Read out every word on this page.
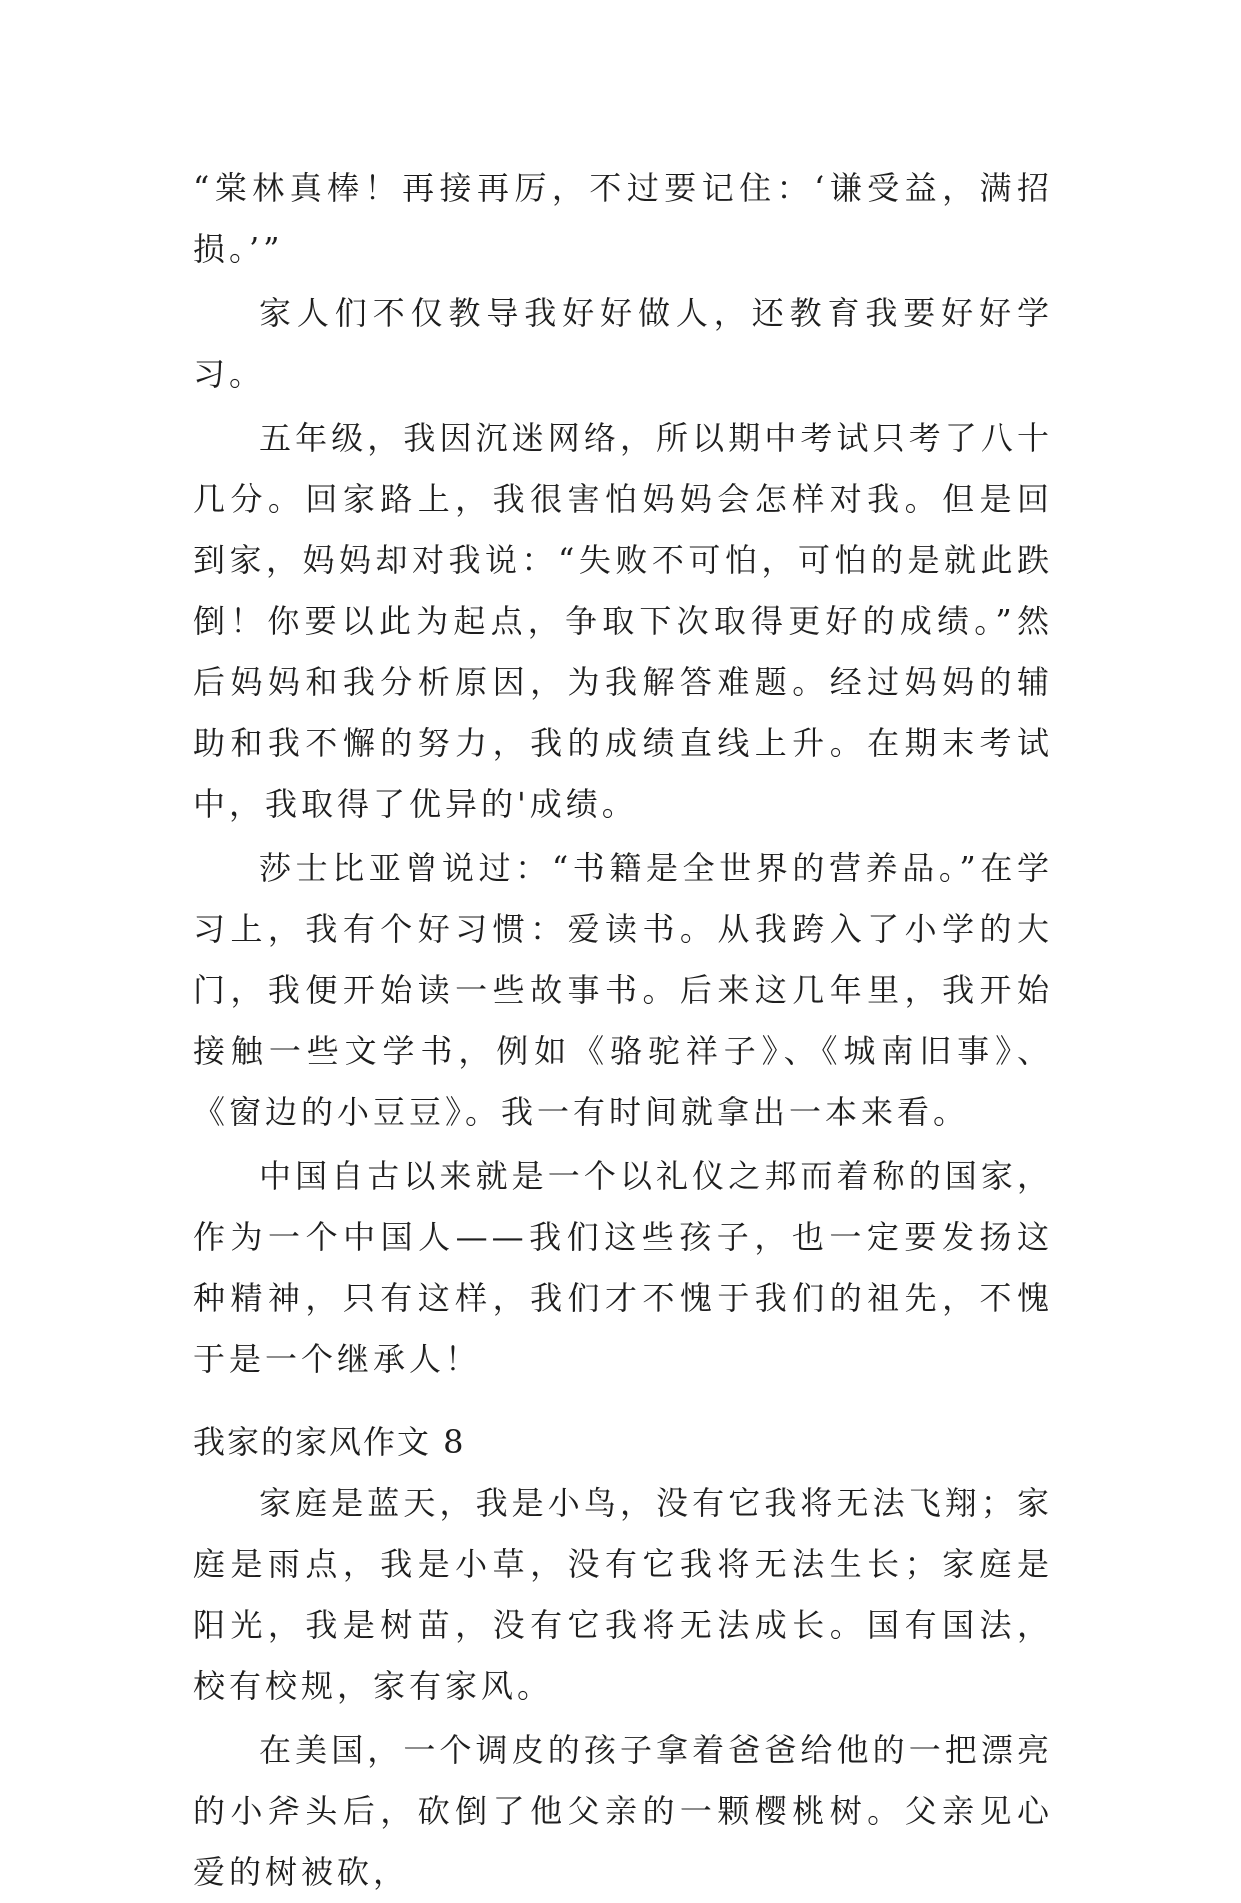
“棠林真棒！再接再厉，不过要记住：‘谦受益，满招损。’”

家人们不仅教导我好好做人，还教育我要好好学习。

五年级，我因沉迷网络，所以期中考试只考了八十几分。回家路上，我很害怕妈妈会怎样对我。但是回到家，妈妈却对我说：“失败不可怕，可怕的是就此跌倒！你要以此为起点，争取下次取得更好的成绩。”然后妈妈和我分析原因，为我解答难题。经过妈妈的辅助和我不懈的努力，我的成绩直线上升。在期末考试中，我取得了优异的'成绩。

莎士比亚曾说过：“书籍是全世界的营养品。”在学习上，我有个好习惯：爱读书。从我跨入了小学的大门，我便开始读一些故事书。后来这几年里，我开始接触一些文学书，例如《骆驼祥子》、《城南旧事》、《窗边的小豆豆》。我一有时间就拿出一本来看。

中国自古以来就是一个以礼仪之邦而着称的国家，作为一个中国人——我们这些孩子，也一定要发扬这种精神，只有这样，我们才不愧于我们的祖先，不愧于是一个继承人！

我家的家风作文 8

家庭是蓝天，我是小鸟，没有它我将无法飞翔；家庭是雨点，我是小草，没有它我将无法生长；家庭是阳光，我是树苗，没有它我将无法成长。国有国法，校有校规，家有家风。

在美国，一个调皮的孩子拿着爸爸给他的一把漂亮的小斧头后，砍倒了他父亲的一颗樱桃树。父亲见心爱的树被砍，
